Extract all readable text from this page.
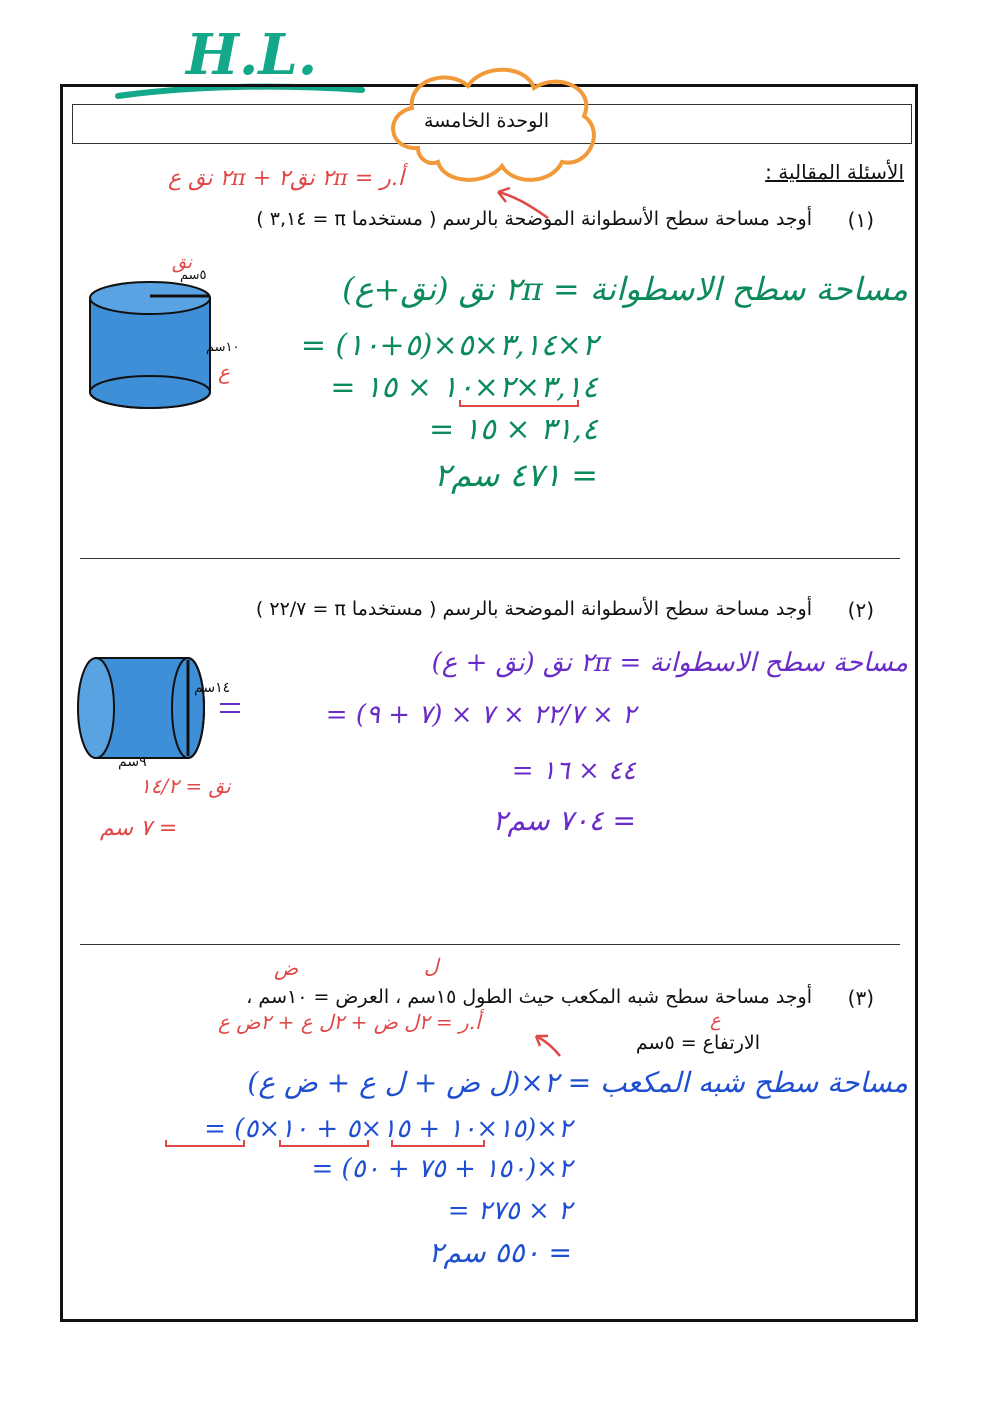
H.L.
الوحدة الخامسة
الأسئلة المقالية :
أ.ر = ٢π نق٢ + ٢π نق ع
(١)
أوجد مساحة سطح الأسطوانة الموضحة بالرسم ( مستخدما π = ٣,١٤ )
٥سم
نق
١٠سم
ع
مساحة سطح الاسطوانة = ٢π نق (نق+ع)
= ٢×٣,١٤×٥×(٥+١٠)
= ٣,١٤×٢×١٠ × ١٥
= ٣١,٤ × ١٥
= ٤٧١ سم٢
(٢)
أوجد مساحة سطح الأسطوانة الموضحة بالرسم ( مستخدما π = ٢٢/٧ )
١٤سم
٩سم
نق = ١٤/٢
= ٧ سم
مساحة سطح الاسطوانة = ٢π نق (نق + ع)
= ٢ × ٢٢/٧ × ٧ × (٧ + ٩)
= ٤٤ × ١٦
= ٧٠٤ سم٢
ل
ض
(٣)
أوجد مساحة سطح شبه المكعب حيث الطول ١٥سم ، العرض = ١٠سم ،
أ.ر = ٢ل ض + ٢ل ع + ٢ض ع	ع
الارتفاع = ٥سم
مساحة سطح شبه المكعب = ٢×(ل ض + ل ع + ض ع)
= ٢×(١٥×١٠ + ١٥×٥ + ١٠×٥)
= ٢×(١٥٠ + ٧٥ + ٥٠)
= ٢ × ٢٧٥
= ٥٥٠ سم٢
